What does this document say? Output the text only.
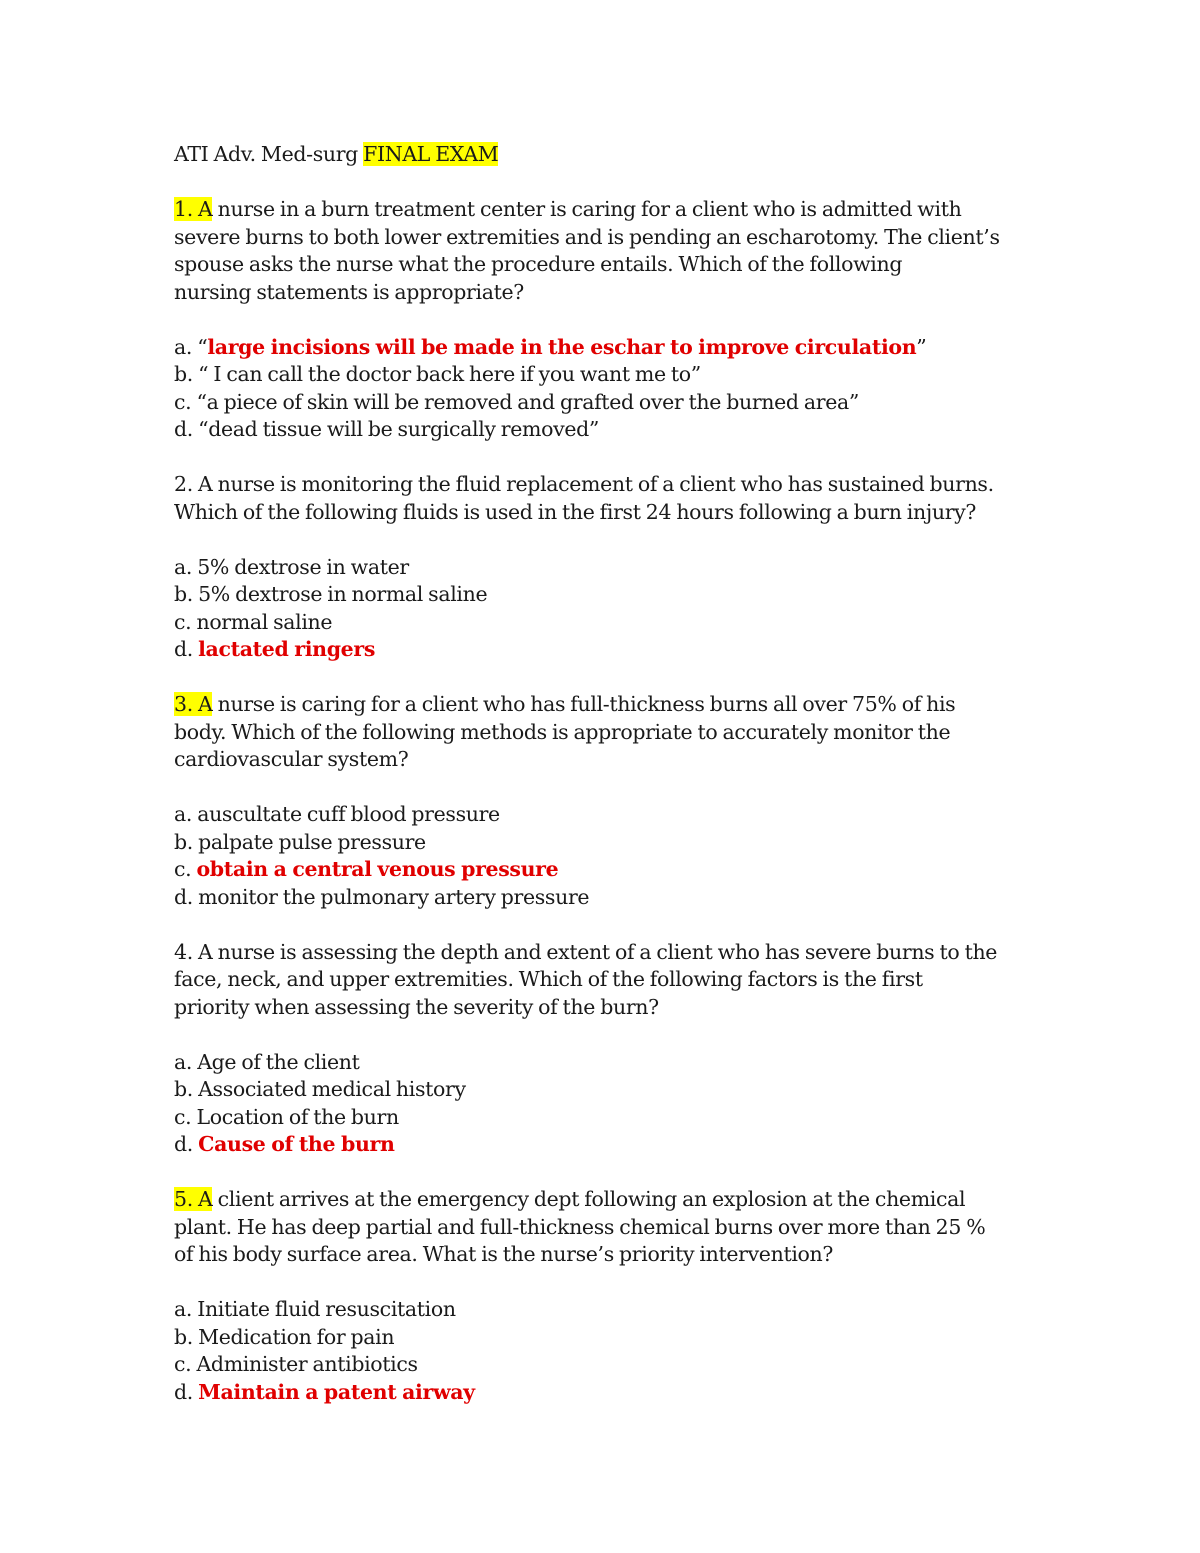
ATI Adv. Med-surg FINAL EXAM
1. A nurse in a burn treatment center is caring for a client who is admitted with
severe burns to both lower extremities and is pending an escharotomy. The client’s
spouse asks the nurse what the procedure entails. Which of the following
nursing statements is appropriate?
a. “large incisions will be made in the eschar to improve circulation”
b. “ I can call the doctor back here if you want me to”
c. “a piece of skin will be removed and grafted over the burned area”
d. “dead tissue will be surgically removed”
2. A nurse is monitoring the fluid replacement of a client who has sustained burns.
Which of the following fluids is used in the first 24 hours following a burn injury?
a. 5% dextrose in water
b. 5% dextrose in normal saline
c. normal saline
d. lactated ringers
3. A nurse is caring for a client who has full-thickness burns all over 75% of his
body. Which of the following methods is appropriate to accurately monitor the
cardiovascular system?
a. auscultate cuff blood pressure
b. palpate pulse pressure
c. obtain a central venous pressure
d. monitor the pulmonary artery pressure
4. A nurse is assessing the depth and extent of a client who has severe burns to the
face, neck, and upper extremities. Which of the following factors is the first
priority when assessing the severity of the burn?
a. Age of the client
b. Associated medical history
c. Location of the burn
d. Cause of the burn
5. A client arrives at the emergency dept following an explosion at the chemical
plant. He has deep partial and full-thickness chemical burns over more than 25 %
of his body surface area. What is the nurse’s priority intervention?
a. Initiate fluid resuscitation
b. Medication for pain
c. Administer antibiotics
d. Maintain a patent airway
